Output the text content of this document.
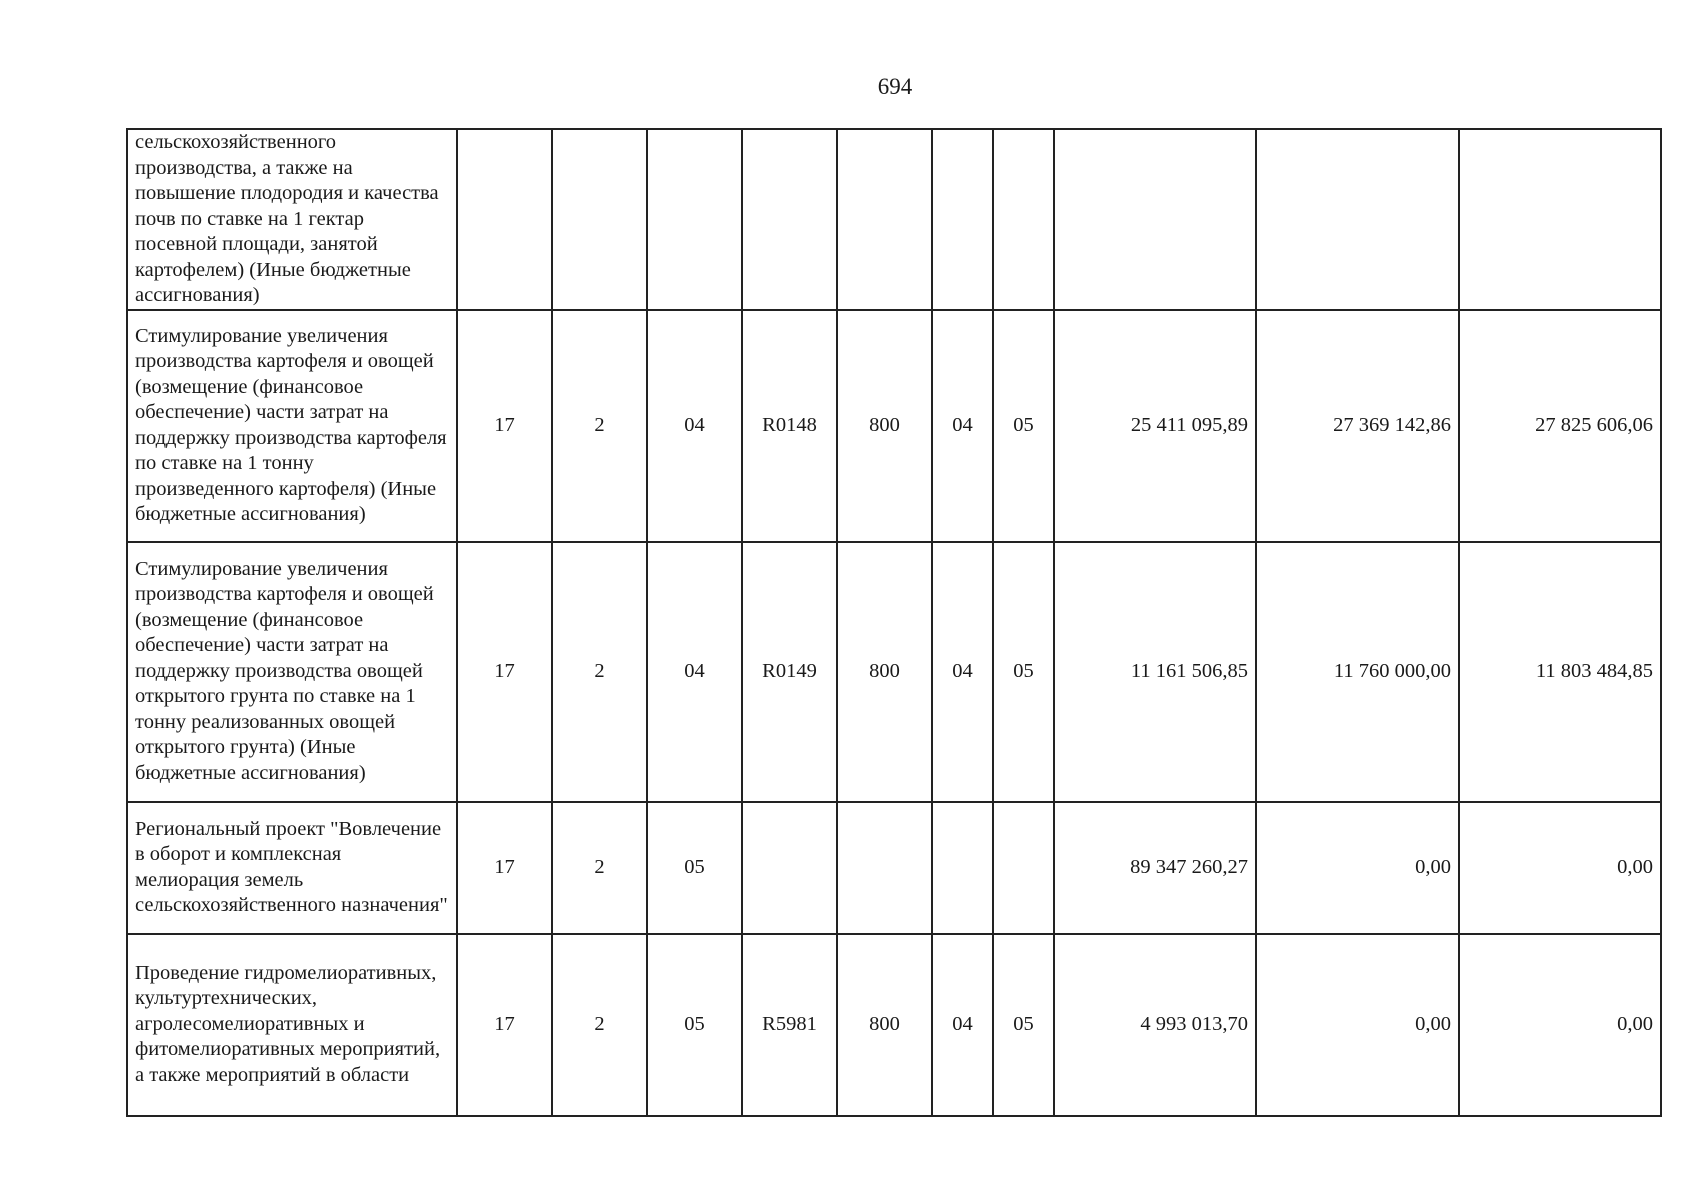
694
сельскохозяйственного производства, а также на повышение плодородия и качества почв по ставке на 1 гектар посевной площади, занятой картофелем) (Иные бюджетные ассигнования)										
Стимулирование увеличения производства картофеля и овощей (возмещение (финансовое обеспечение) части затрат на поддержку производства картофеля по ставке на 1 тонну произведенного картофеля) (Иные бюджетные ассигнования)	17	2	04	R0148	800	04	05	25 411 095,89	27 369 142,86	27 825 606,06
Стимулирование увеличения производства картофеля и овощей (возмещение (финансовое обеспечение) части затрат на поддержку производства овощей открытого грунта по ставке на 1 тонну реализованных овощей открытого грунта) (Иные бюджетные ассигнования)	17	2	04	R0149	800	04	05	11 161 506,85	11 760 000,00	11 803 484,85
Региональный проект "Вовлечение в оборот и комплексная мелиорация земель сельскохозяйственного назначения"	17	2	05					89 347 260,27	0,00	0,00
Проведение гидромелиоративных, культуртехнических, агролесомелиоративных и фитомелиоративных мероприятий, а также мероприятий в области	17	2	05	R5981	800	04	05	4 993 013,70	0,00	0,00
